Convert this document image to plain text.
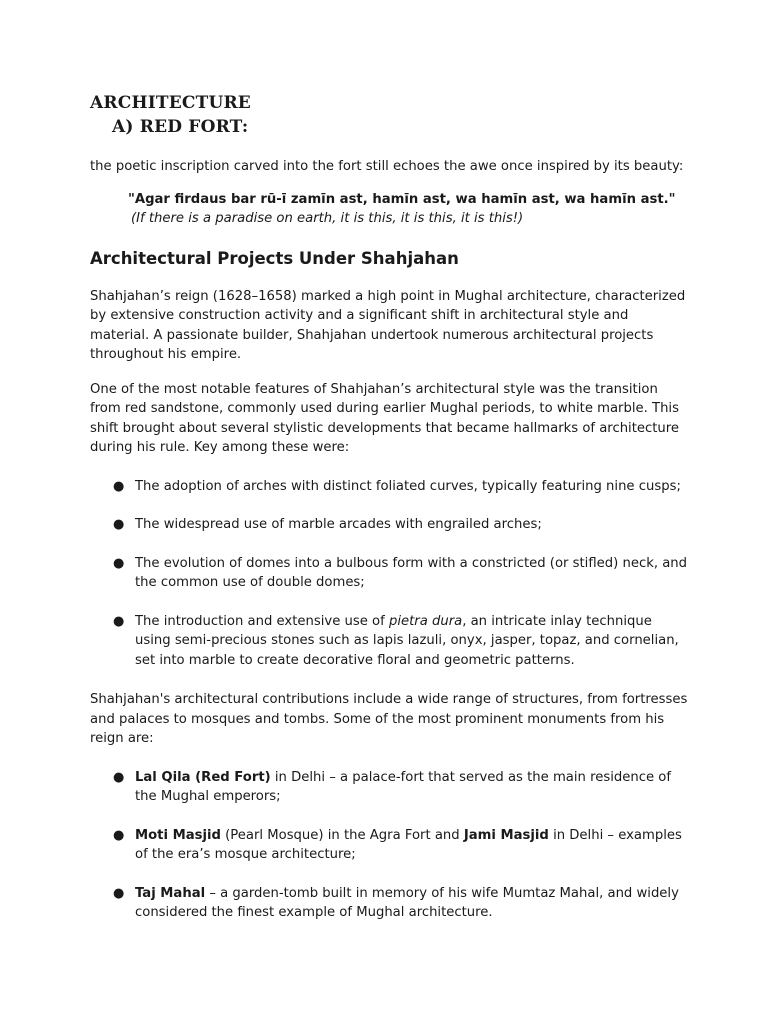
ARCHITECTURE
A) RED FORT:

the poetic inscription carved into the fort still echoes the awe once inspired by its beauty:

"Agar firdaus bar rū-ī zamīn ast, hamīn ast, wa hamīn ast, wa hamīn ast."
(If there is a paradise on earth, it is this, it is this, it is this!)
Architectural Projects Under Shahjahan

Shahjahan’s reign (1628–1658) marked a high point in Mughal architecture, characterized by extensive construction activity and a significant shift in architectural style and material. A passionate builder, Shahjahan undertook numerous architectural projects throughout his empire.

One of the most notable features of Shahjahan’s architectural style was the transition from red sandstone, commonly used during earlier Mughal periods, to white marble. This shift brought about several stylistic developments that became hallmarks of architecture during his rule. Key among these were:

● The adoption of arches with distinct foliated curves, typically featuring nine cusps;
● The widespread use of marble arcades with engrailed arches;
● The evolution of domes into a bulbous form with a constricted (or stifled) neck, and the common use of double domes;
● The introduction and extensive use of pietra dura, an intricate inlay technique using semi-precious stones such as lapis lazuli, onyx, jasper, topaz, and cornelian, set into marble to create decorative floral and geometric patterns.

Shahjahan's architectural contributions include a wide range of structures, from fortresses and palaces to mosques and tombs. Some of the most prominent monuments from his reign are:

● Lal Qila (Red Fort) in Delhi – a palace-fort that served as the main residence of the Mughal emperors;
● Moti Masjid (Pearl Mosque) in the Agra Fort and Jami Masjid in Delhi – examples of the era’s mosque architecture;
● Taj Mahal – a garden-tomb built in memory of his wife Mumtaz Mahal, and widely considered the finest example of Mughal architecture.
